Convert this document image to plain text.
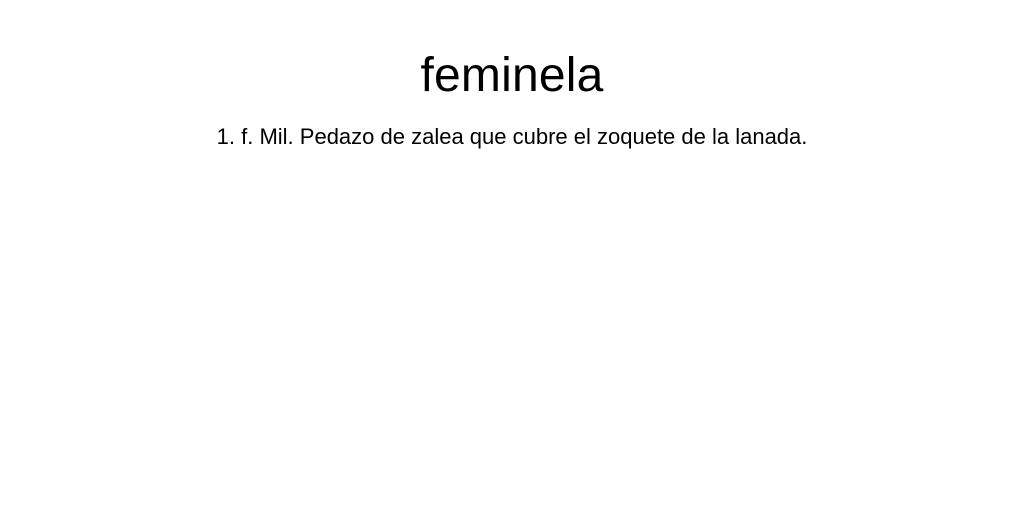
feminela
1. f. Mil. Pedazo de zalea que cubre el zoquete de la lanada.
